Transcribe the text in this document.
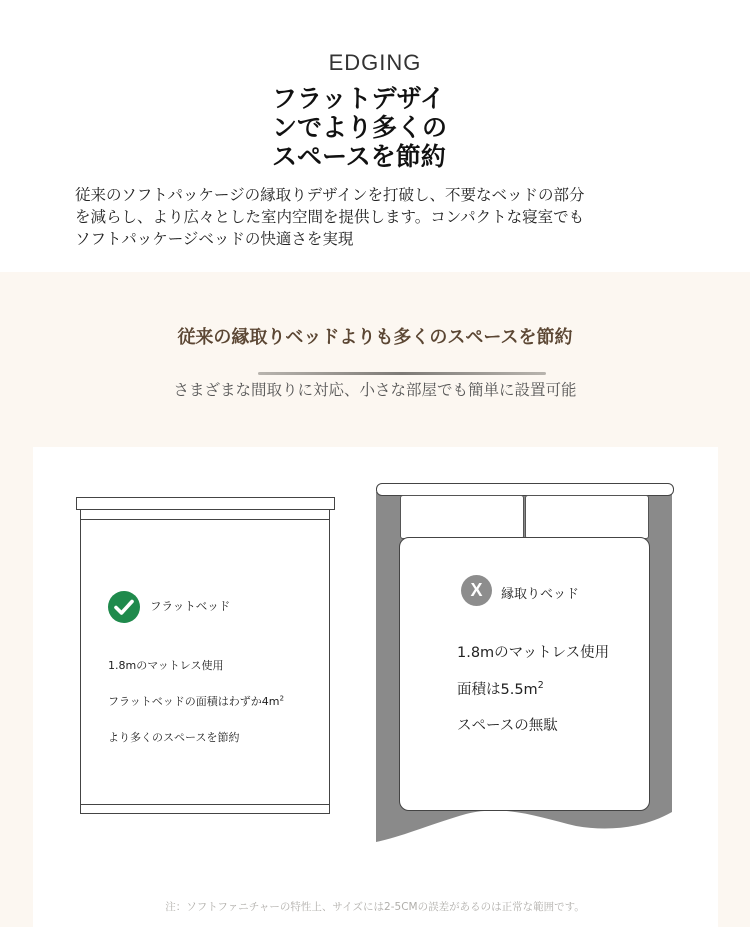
EDGING
フラットデザイ
ンでより多くの
スペースを節約
従来のソフトパッケージの縁取りデザインを打破し、不要なベッドの部分
を減らし、より広々とした室内空間を提供します。コンパクトな寝室でも
ソフトパッケージベッドの快適さを実現
従来の縁取りベッドよりも多くのスペースを節約
さまざまな間取りに対応、小さな部屋でも簡単に設置可能
フラットベッド
1.8mのマットレス使用
フラットベッドの面積はわずか$4m^2$
より多くのスペースを節約
X	縁取りベッド
1.8mのマットレス使用
面積は$5.5m^2$
スペースの無駄
注：ソフトファニチャーの特性上、サイズには2-5CMの誤差があるのは正常な範囲です。
